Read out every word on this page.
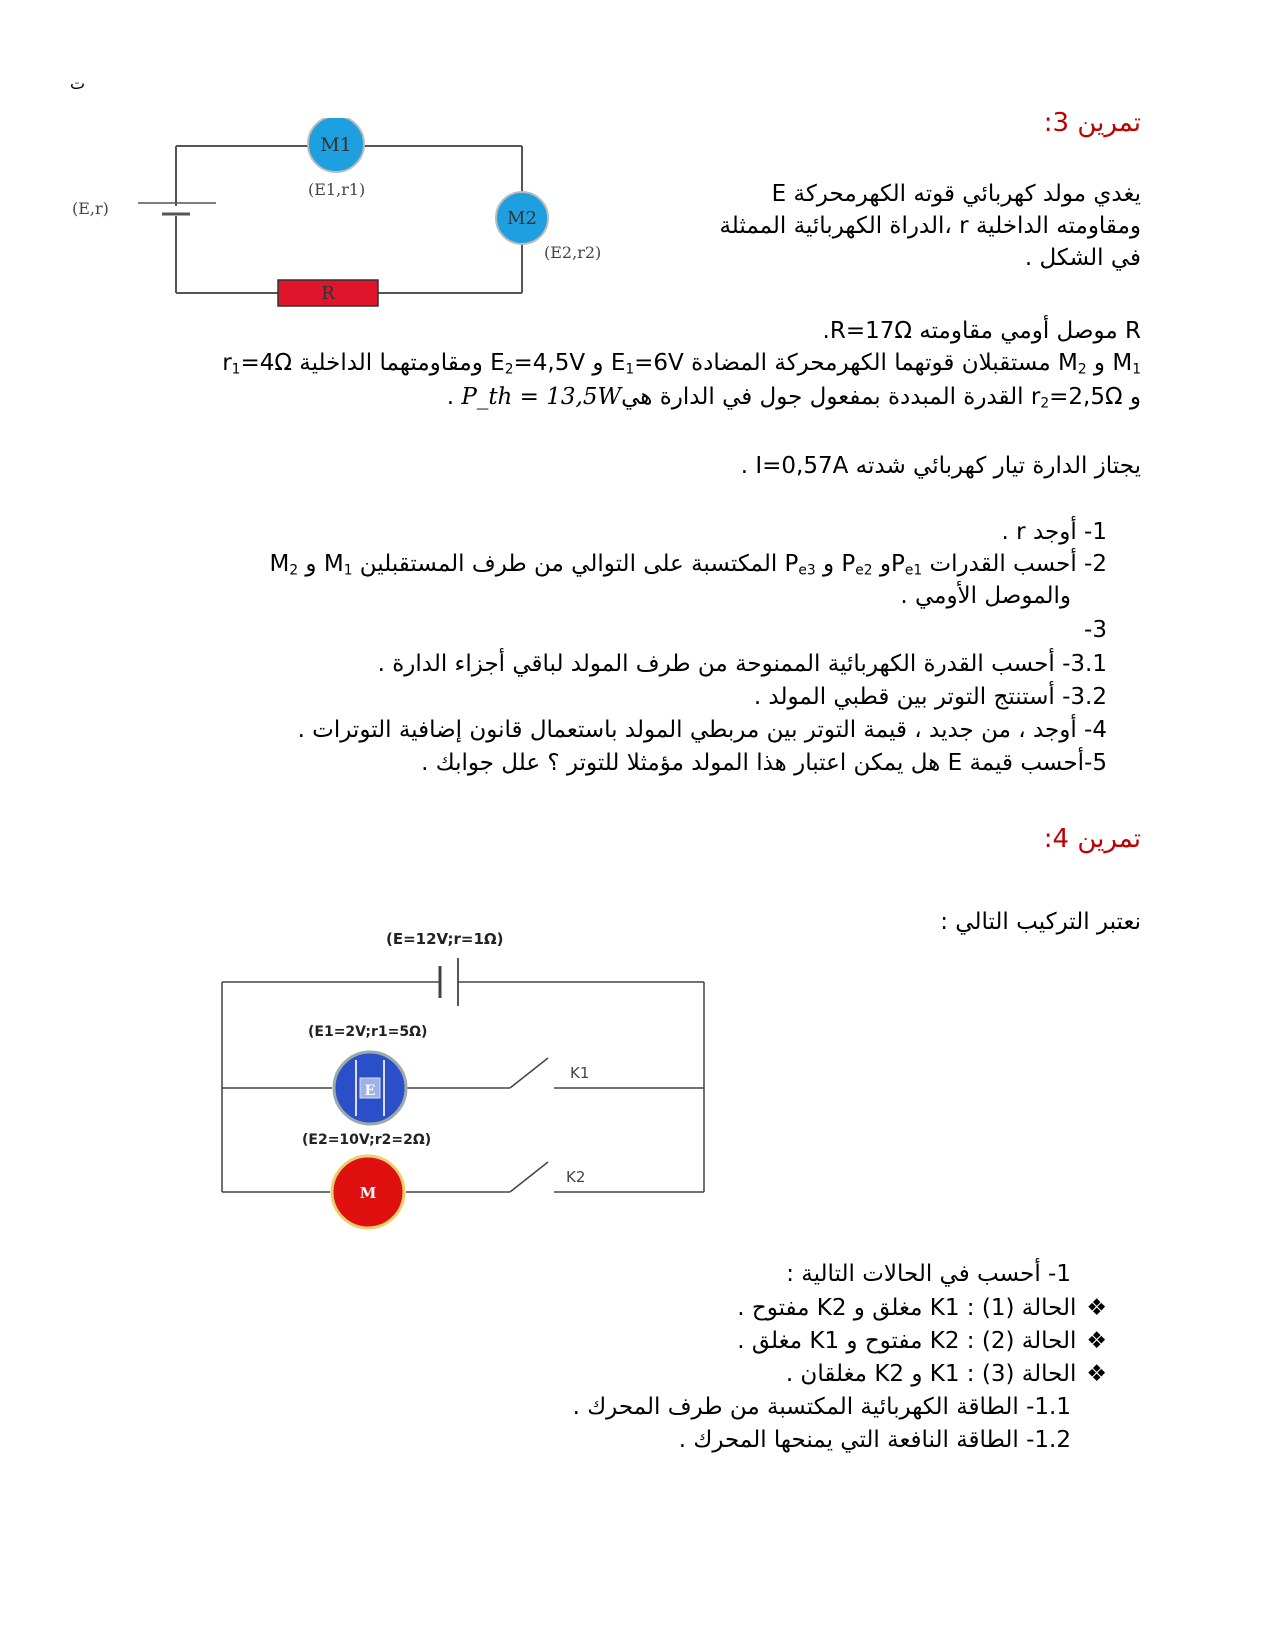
ت
تمرين 3:
M1
M2
R
(E,r)
(E1,r1)
(E2,r2)
يغدي مولد كهربائي قوته الكهرمحركة E
ومقاومته الداخلية r ،الدراة الكهربائية الممثلة
في الشكل .
R موصل أومي مقاومته R=17Ω.
$M_1$ و $M_2$ مستقبلان قوتهما الكهرمحركة المضادة $E_1=6V$ و $E_2=4,5V$ ومقاومتهما الداخلية $r_1=4\Omega$
و $r_2=2,5\Omega$ القدرة المبددة بمفعول جول في الدارة هيP_th = 13,5W .
يجتاز الدارة تيار كهربائي شدته I=0,57A .
1- أوجد r .
2- أحسب القدرات $P_{e1}و$ $P_{e2}$ و $P_{e3}$ المكتسبة على التوالي من طرف المستقبلين $M_1$ و $M_2$
والموصل الأومي .
3-
3.1- أحسب القدرة الكهربائية الممنوحة من طرف المولد لباقي أجزاء الدارة .
3.2- أستنتج التوتر بين قطبي المولد .
4- أوجد ، من جديد ، قيمة التوتر بين مربطي المولد باستعمال قانون إضافية التوترات .
5-أحسب قيمة E هل يمكن اعتبار هذا المولد مؤمثلا للتوتر ؟ علل جوابك .
تمرين 4:
نعتبر التركيب التالي :
E
M
(E=12V;r=1Ω)
(E1=2V;r1=5Ω)
(E2=10V;r2=2Ω)
K1
K2
1- أحسب في الحالات التالية :
❖الحالة (1) : K1 مغلق و K2 مفتوح .
❖الحالة (2) : K2 مفتوح و K1 مغلق .
❖الحالة (3) : K1 و K2 مغلقان .
1.1- الطاقة الكهربائية المكتسبة من طرف المحرك .
1.2- الطاقة النافعة التي يمنحها المحرك .
